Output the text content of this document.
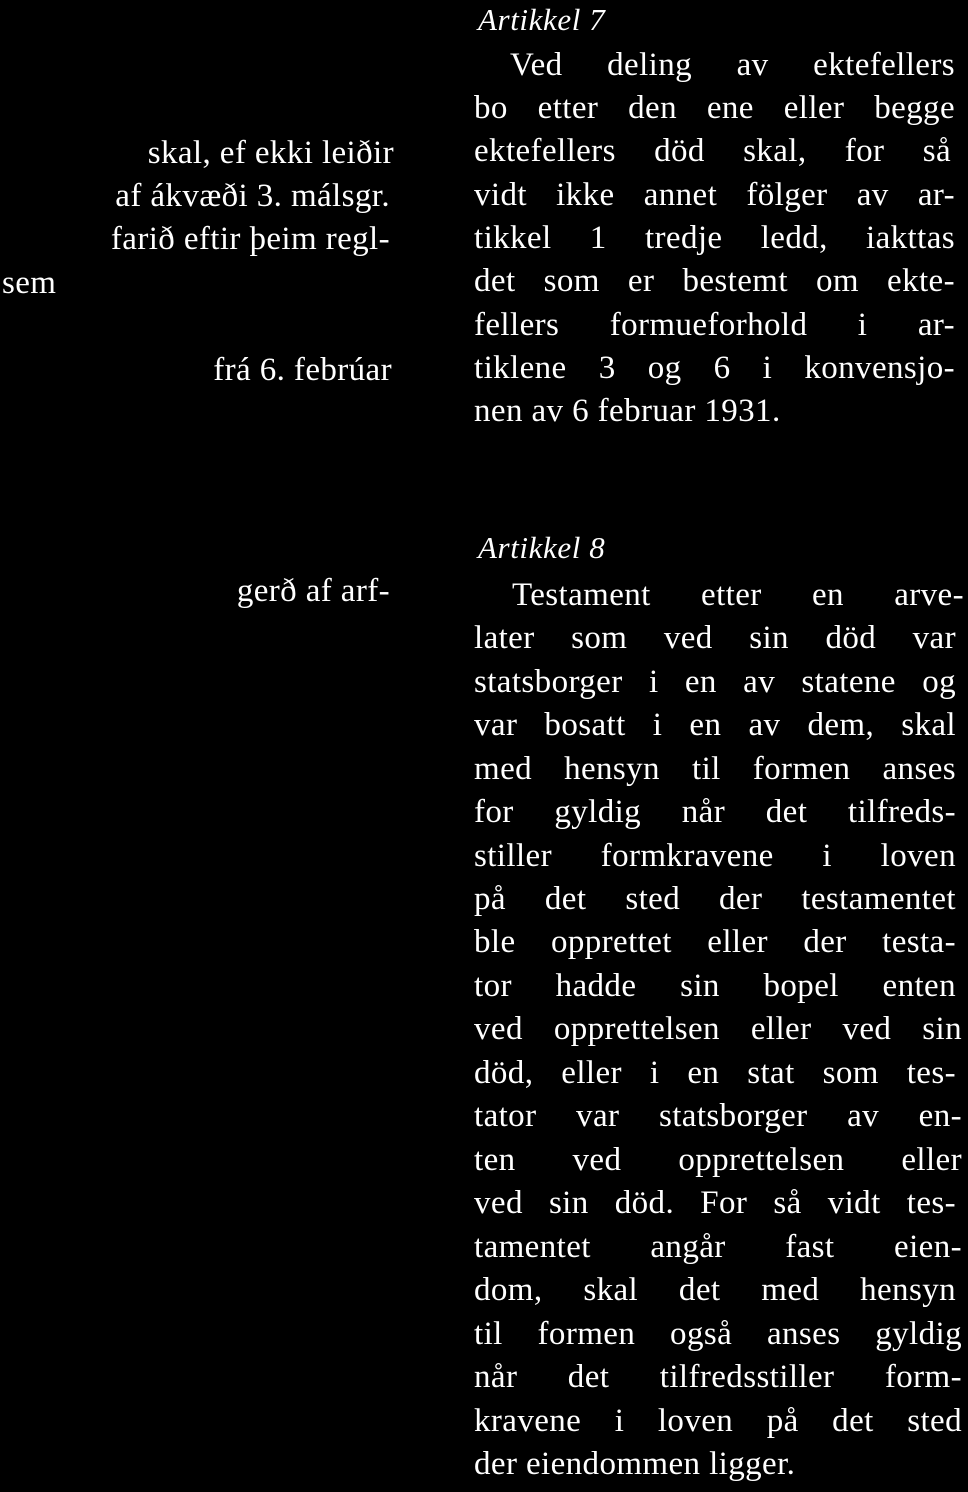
skal, ef ekki leiðir
af ákvæði 3. málsgr.
farið eftir þeim regl-
sem
frá 6. febrúar
gerð af arf-
Artikkel 7
Ved deling av ektefellers
bo etter den ene eller begge
ektefellers död skal, for så
vidt ikke annet fölger av ar-
tikkel 1 tredje ledd, iakttas
det som er bestemt om ekte-
fellers formueforhold i ar-
tiklene 3 og 6 i konvensjo-
nen av 6 februar 1931.
Artikkel 8
Testament etter en arve-
later som ved sin död var
statsborger i en av statene og
var bosatt i en av dem, skal
med hensyn til formen anses
for gyldig når det tilfreds-
stiller formkravene i loven
på det sted der testamentet
ble opprettet eller der testa-
tor hadde sin bopel enten
ved opprettelsen eller ved sin
död, eller i en stat som tes-
tator var statsborger av en-
ten ved opprettelsen eller
ved sin död. For så vidt tes-
tamentet angår fast eien-
dom, skal det med hensyn
til formen også anses gyldig
når det tilfredsstiller form-
kravene i loven på det sted
der eiendommen ligger.
